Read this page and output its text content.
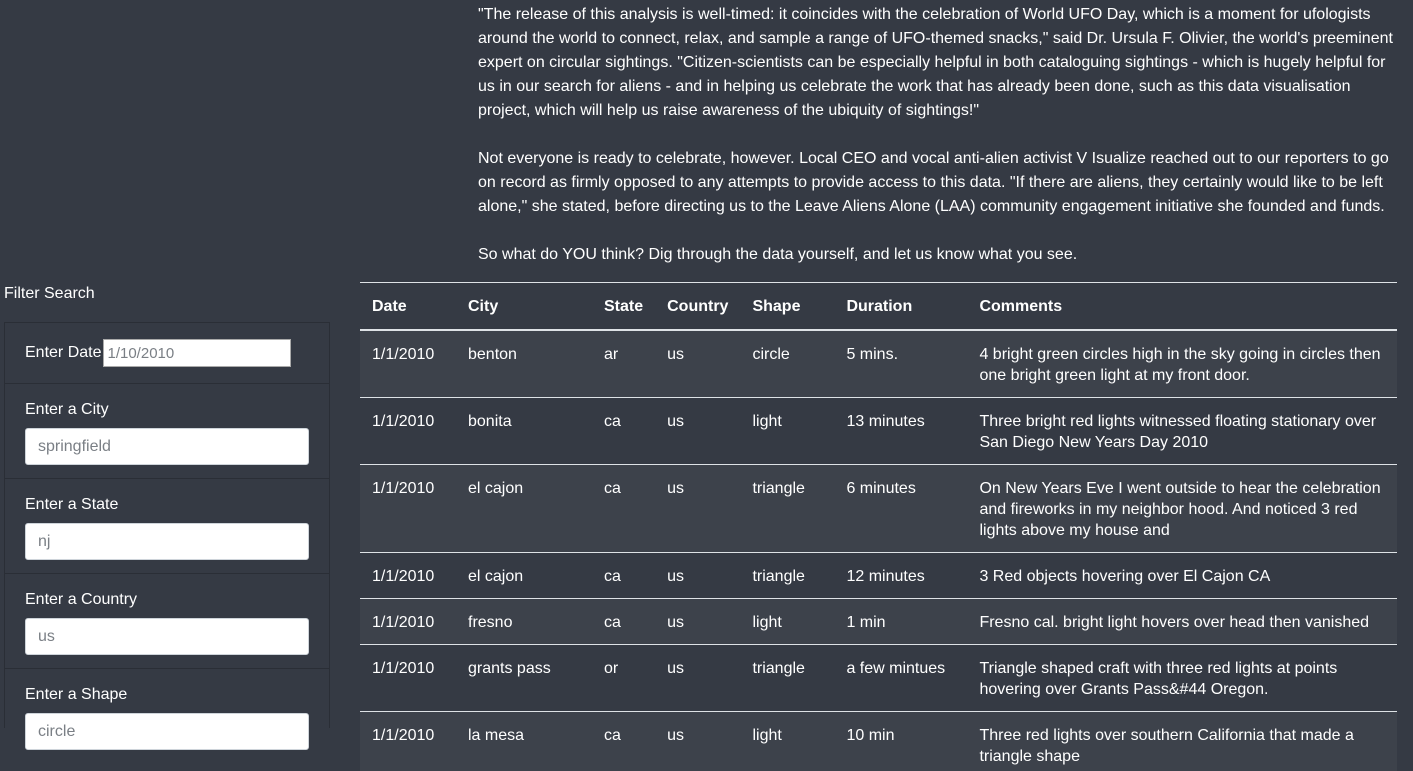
"The release of this analysis is well-timed: it coincides with the celebration of World UFO Day, which is a moment for ufologists around the world to connect, relax, and sample a range of UFO-themed snacks," said Dr. Ursula F. Olivier, the world's preeminent expert on circular sightings. "Citizen-scientists can be especially helpful in both cataloguing sightings - which is hugely helpful for us in our search for aliens - and in helping us celebrate the work that has already been done, such as this data visualisation project, which will help us raise awareness of the ubiquity of sightings!"

Not everyone is ready to celebrate, however. Local CEO and vocal anti-alien activist V Isualize reached out to our reporters to go on record as firmly opposed to any attempts to provide access to this data. "If there are aliens, they certainly would like to be left alone," she stated, before directing us to the Leave Aliens Alone (LAA) community engagement initiative she founded and funds.

So what do YOU think? Dig through the data yourself, and let us know what you see.

Filter Search
Enter Date
1/10/2010
Enter a City
springfield
Enter a State
nj
Enter a Country
us
Enter a Shape
circle
Date	City	State	Country	Shape	Duration	Comments
1/1/2010	benton	ar	us	circle	5 mins.	4 bright green circles high in the sky going in circles then one bright green light at my front door.
1/1/2010	bonita	ca	us	light	13 minutes	Three bright red lights witnessed floating stationary over San Diego New Years Day 2010
1/1/2010	el cajon	ca	us	triangle	6 minutes	On New Years Eve I went outside to hear the celebration and fireworks in my neighbor hood. And noticed 3 red lights above my house and
1/1/2010	el cajon	ca	us	triangle	12 minutes	3 Red objects hovering over El Cajon CA
1/1/2010	fresno	ca	us	light	1 min	Fresno cal. bright light hovers over head then vanished
1/1/2010	grants pass	or	us	triangle	a few mintues	Triangle shaped craft with three red lights at points hovering over Grants Pass&#44 Oregon.
1/1/2010	la mesa	ca	us	light	10 min	Three red lights over southern California that made a triangle shape
